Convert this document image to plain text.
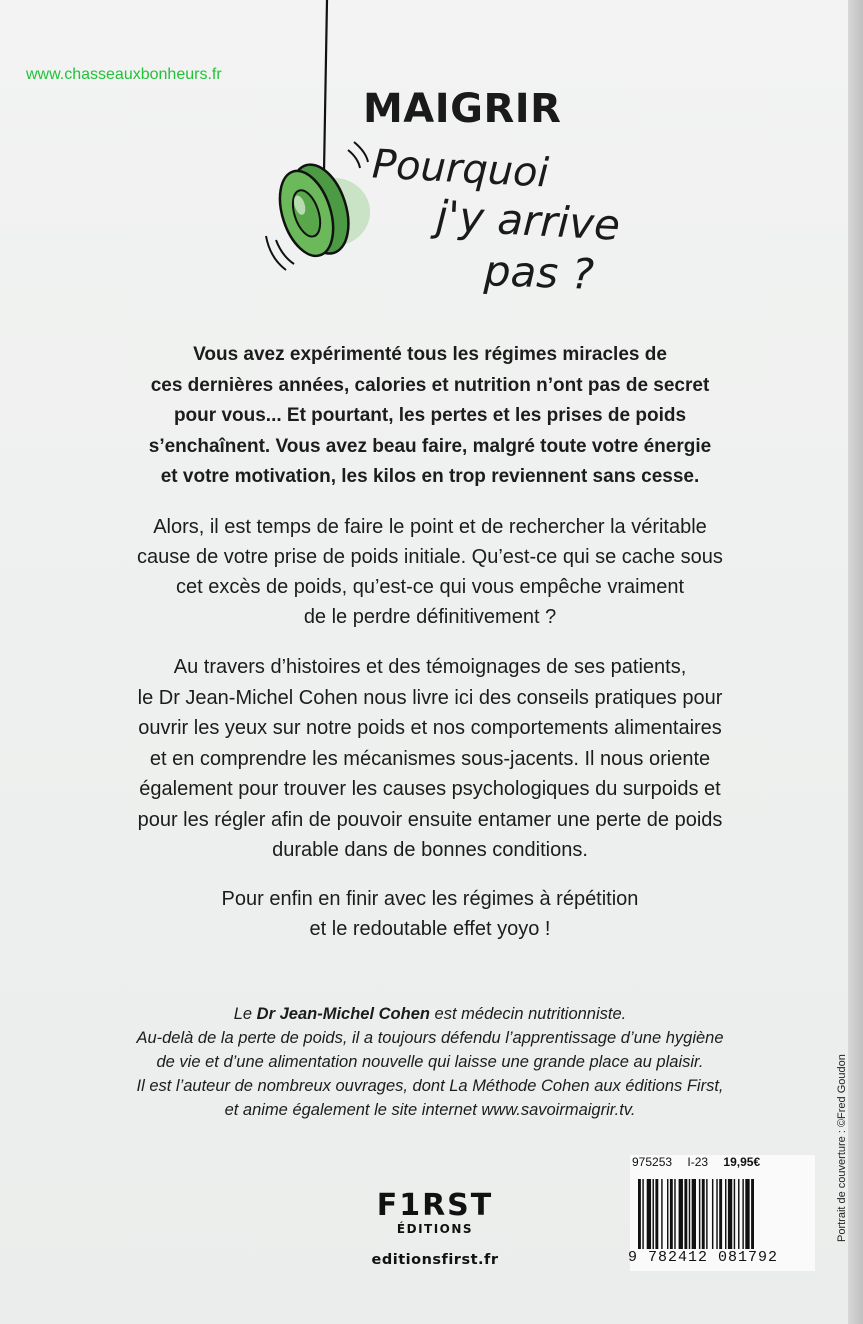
www.chasseauxbonheurs.fr
MAIGRIR
Pourquoi
j'y arrive
pas ?
Vous avez expérimenté tous les régimes miracles de
ces dernières années, calories et nutrition n’ont pas de secret
pour vous... Et pourtant, les pertes et les prises de poids
s’enchaînent. Vous avez beau faire, malgré toute votre énergie
et votre motivation, les kilos en trop reviennent sans cesse.
Alors, il est temps de faire le point et de rechercher la véritable
cause de votre prise de poids initiale. Qu’est-ce qui se cache sous
cet excès de poids, qu’est-ce qui vous empêche vraiment
de le perdre définitivement ?
Au travers d’histoires et des témoignages de ses patients,
le Dr Jean-Michel Cohen nous livre ici des conseils pratiques pour
ouvrir les yeux sur notre poids et nos comportements alimentaires
et en comprendre les mécanismes sous-jacents. Il nous oriente
également pour trouver les causes psychologiques du surpoids et
pour les régler afin de pouvoir ensuite entamer une perte de poids
durable dans de bonnes conditions.
Pour enfin en finir avec les régimes à répétition
et le redoutable effet yoyo !
Le Dr Jean-Michel Cohen est médecin nutritionniste.
Au-delà de la perte de poids, il a toujours défendu l’apprentissage d’une hygiène
de vie et d’une alimentation nouvelle qui laisse une grande place au plaisir.
Il est l’auteur de nombreux ouvrages, dont La Méthode Cohen aux éditions First,
et anime également le site internet www.savoirmaigrir.tv.	Portrait de couverture : ©Fred Goudon
F1RST
ÉDITIONS
editionsfirst.fr
975253 I-23 19,95€
9 782412 081792
